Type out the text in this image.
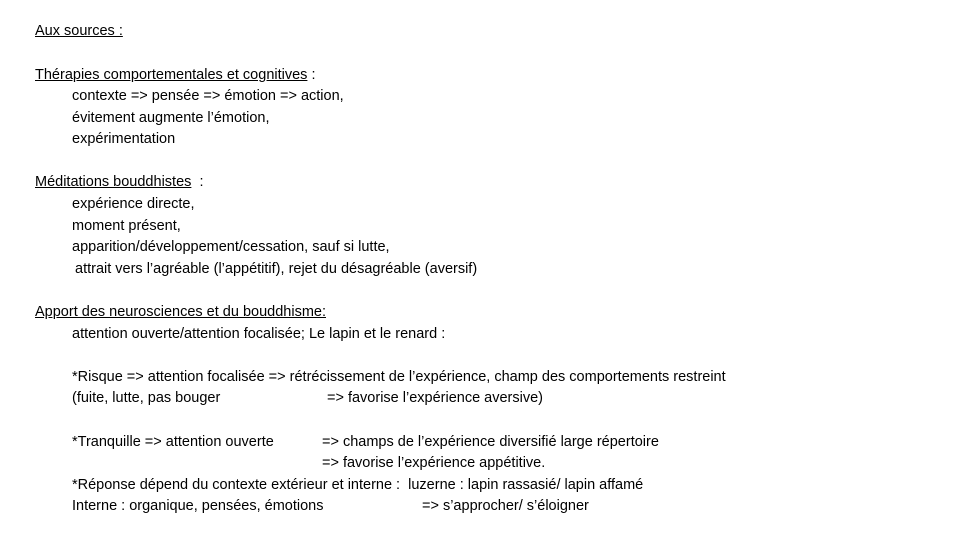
Aux sources :
Thérapies comportementales et cognitives :
contexte => pensée => émotion => action,
évitement augmente l’émotion,
expérimentation
Méditations bouddhistes  :
expérience directe,
moment présent,
apparition/développement/cessation, sauf si lutte,
attrait vers l’agréable (l’appétitif), rejet du désagréable (aversif)
Apport des neurosciences et du bouddhisme:
attention ouverte/attention focalisée; Le lapin et le renard :
*Risque => attention focalisée => rétrécissement de l’expérience, champ des comportements restreint
(fuite, lutte, pas bouger	=> favorise l’expérience aversive)
*Tranquille => attention ouverte	=> champs de l’expérience diversifié large répertoire
=> favorise l’expérience appétitive.
*Réponse dépend du contexte extérieur et interne :  luzerne : lapin rassasié/ lapin affamé
Interne : organique, pensées, émotions	=> s’approcher/ s’éloigner
